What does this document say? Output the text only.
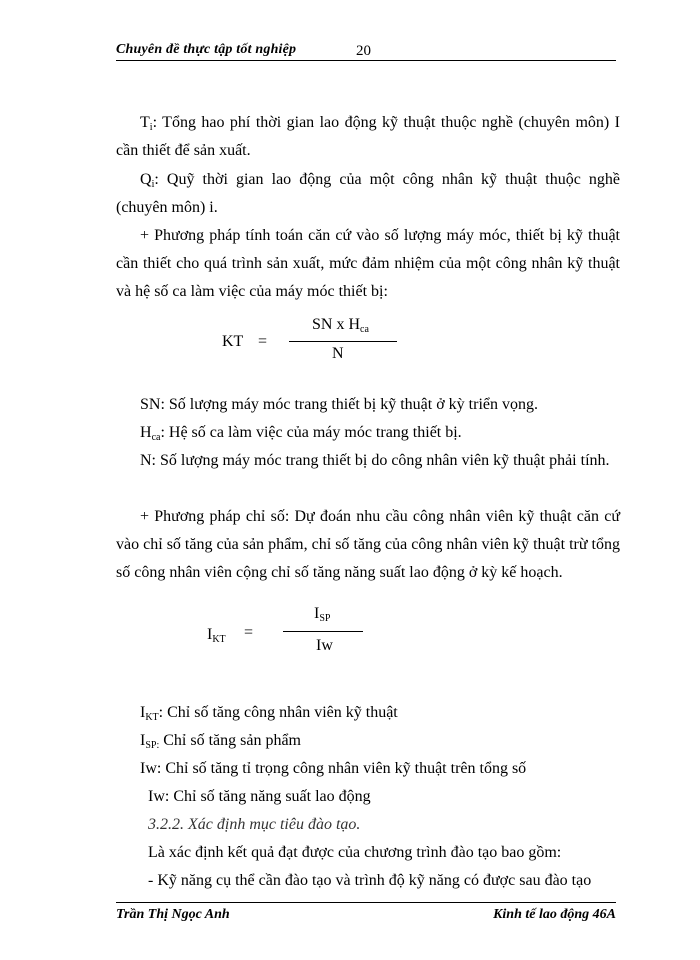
Chuyên đề thực tập tốt nghiệp	20

$T_i$: Tổng hao phí thời gian lao động kỹ thuật thuộc nghề (chuyên môn) I cần thiết để sản xuất.

$Q_i$: Quỹ thời gian lao động của một công nhân kỹ thuật thuộc nghề (chuyên môn) i.

+ Phương pháp tính toán căn cứ vào số lượng máy móc, thiết bị kỹ thuật cần thiết cho quá trình sản xuất, mức đảm nhiệm của một công nhân kỹ thuật và hệ số ca làm việc của máy móc thiết bị:

KT =
SN x $H_{ca}$
N

SN: Số lượng máy móc trang thiết bị kỹ thuật ở kỳ triển vọng.

$H_{ca}$: Hệ số ca làm việc của máy móc trang thiết bị.

N: Số lượng máy móc trang thiết bị do công nhân viên kỹ thuật phải tính.

+ Phương pháp chỉ số: Dự đoán nhu cầu công nhân viên kỹ thuật căn cứ vào chỉ số tăng của sản phẩm, chỉ số tăng của công nhân viên kỹ thuật trừ tổng số công nhân viên cộng chỉ số tăng năng suất lao động ở kỳ kế hoạch.

$I_{KT}$ =
$I_{SP}$
Iw

$I_{KT}$: Chỉ số tăng công nhân viên kỹ thuật

$I_{SP:}$ Chỉ số tăng sản phẩm

Iw: Chỉ số tăng tỉ trọng công nhân viên kỹ thuật trên tổng số

Iw: Chỉ số tăng năng suất lao động

3.2.2. Xác định mục tiêu đào tạo.

Là xác định kết quả đạt được của chương trình đào tạo bao gồm:

- Kỹ năng cụ thể cần đào tạo và trình độ kỹ năng có được sau đào tạo

Trần Thị Ngọc Anh	Kinh tế lao động 46A
